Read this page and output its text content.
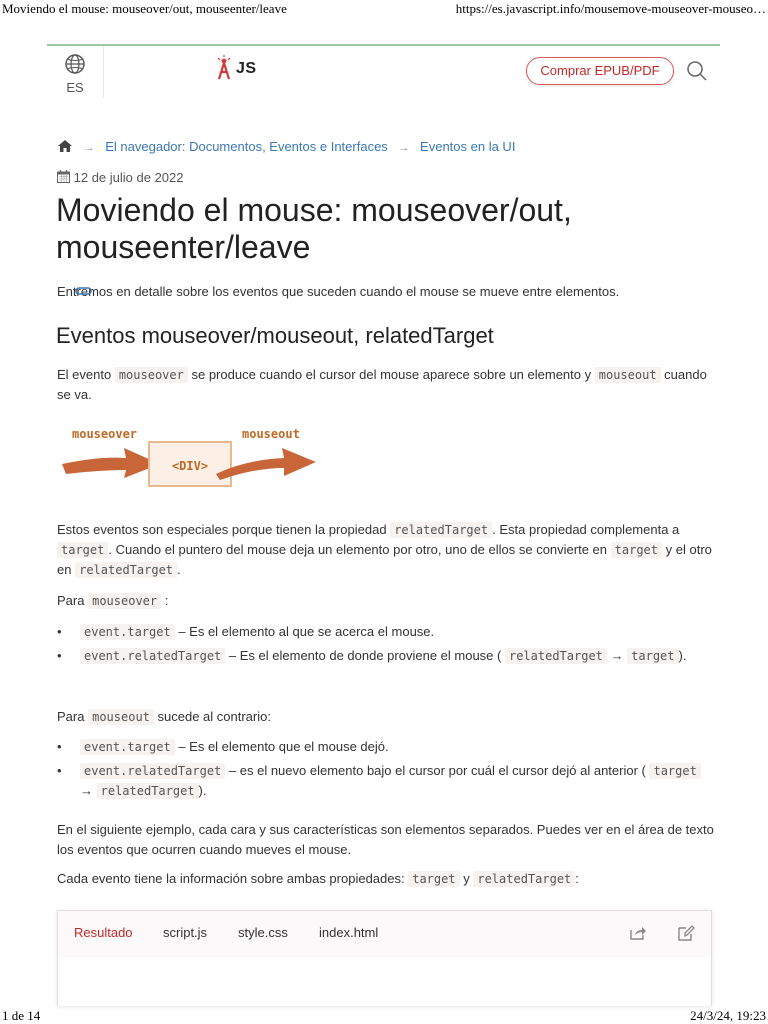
Moviendo el mouse: mouseover/out, mouseenter/leave	https://es.javascript.info/mousemove-mouseover-mouseo…
ES
JS	Comprar EPUB/PDF
→ El navegador: Documentos, Eventos e Interfaces → Eventos en la UI
12 de julio de 2022
Moviendo el mouse: mouseover/out, mouseenter/leave
Entremos en detalle sobre los eventos que suceden cuando el mouse se mueve entre elementos.
Eventos mouseover/mouseout, relatedTarget

El evento mouseover se produce cuando el cursor del mouse aparece sobre un elemento y mouseout cuando se va.

mouseover	mouseout
<DIV>

Estos eventos son especiales porque tienen la propiedad relatedTarget . Esta propiedad complementa a target . Cuando el puntero del mouse deja un elemento por otro, uno de ellos se convierte en target y el otro en relatedTarget .

Para mouseover :

• event.target – Es el elemento al que se acerca el mouse.
• event.relatedTarget – Es el elemento de donde proviene el mouse ( relatedTarget → target ).

Para mouseout sucede al contrario:

• event.target – Es el elemento que el mouse dejó.
• event.relatedTarget – es el nuevo elemento bajo el cursor por cuál el cursor dejó al anterior ( target → relatedTarget ).

En el siguiente ejemplo, cada cara y sus características son elementos separados. Puedes ver en el área de texto los eventos que ocurren cuando mueves el mouse.

Cada evento tiene la información sobre ambas propiedades: target y relatedTarget :

Resultado script.js style.css index.html
1 de 14	24/3/24, 19:23
